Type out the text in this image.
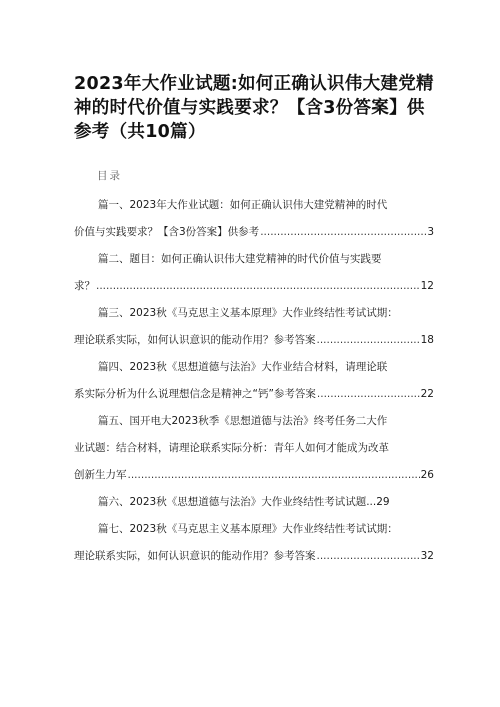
2023年大作业试题:如何正确认识伟大建党精
神的时代价值与实践要求？【含3份答案】供
参考（共10篇）
目录
篇一、2023年大作业试题：如何正确认识伟大建党精神的时代
价值与实践要求？【含3份答案】供参考 .....	3
篇二、题目：如何正确认识伟大建党精神的时代价值与实践要
求？ .....	12
篇三、2023秋《马克思主义基本原理》大作业终结性考试试期：
理论联系实际，如何认识意识的能动作用？参考答案 .....	18
篇四、2023秋《思想道德与法治》大作业结合材料，请理论联
系实际分析为什么说理想信念是精神之“钙”参考答案 .....	22
篇五、国开电大2023秋季《思想道德与法治》终考任务二大作
业试题：结合材料，请理论联系实际分析：青年人如何才能成为改革
创新生力军 .....	26
篇六、2023秋《思想道德与法治》大作业终结性考试试题... 29
篇七、2023秋《马克思主义基本原理》大作业终结性考试试期：
理论联系实际，如何认识意识的能动作用？参考答案 .....	32
